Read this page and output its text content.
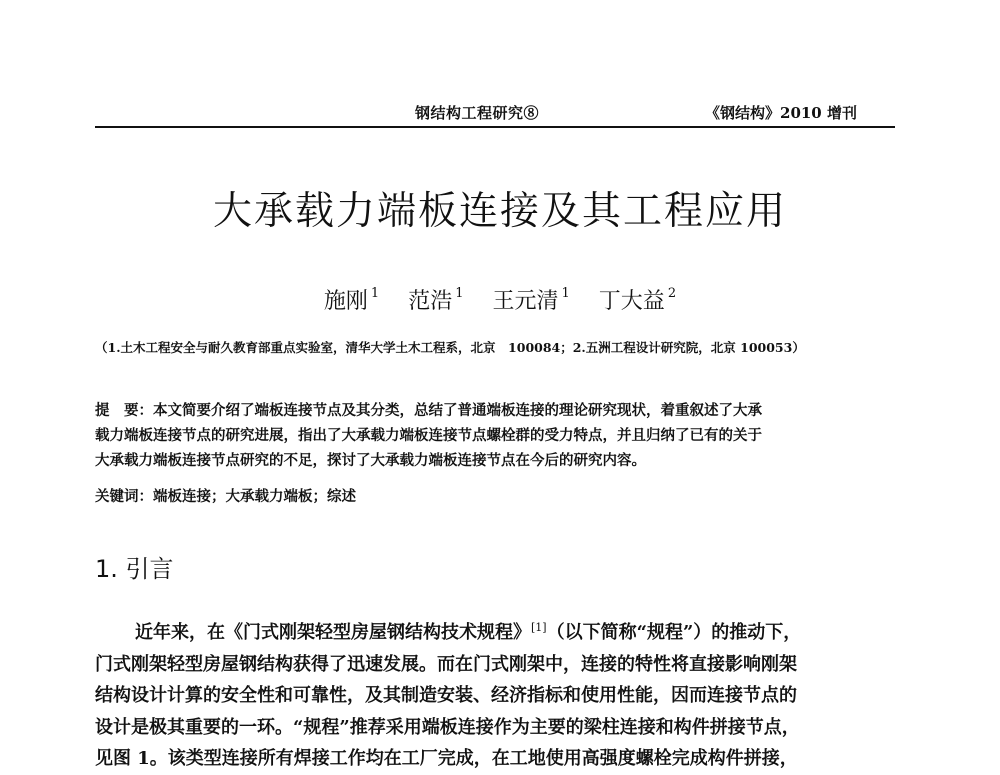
钢结构工程研究⑧	《钢结构》2010 增刊
大承载力端板连接及其工程应用
施刚 $^1$ 范浩 $^1$ 王元清 $^1$ 丁大益 $^2$
（1.土木工程安全与耐久教育部重点实验室，清华大学土木工程系，北京　100084；2.五洲工程设计研究院，北京 100053）
提　要：本文简要介绍了端板连接节点及其分类，总结了普通端板连接的理论研究现状，着重叙述了大承
载力端板连接节点的研究进展，指出了大承载力端板连接节点螺栓群的受力特点，并且归纳了已有的关于
大承载力端板连接节点研究的不足，探讨了大承载力端板连接节点在今后的研究内容。
关键词：端板连接；大承载力端板；综述
1. 引言
近年来，在《门式刚架轻型房屋钢结构技术规程》[1]（以下简称“规程”）的推动下，
门式刚架轻型房屋钢结构获得了迅速发展。而在门式刚架中，连接的特性将直接影响刚架
结构设计计算的安全性和可靠性，及其制造安装、经济指标和使用性能，因而连接节点的
设计是极其重要的一环。“规程”推荐采用端板连接作为主要的梁柱连接和构件拼接节点，
见图 1。该类型连接所有焊接工作均在工厂完成，在工地使用高强度螺栓完成构件拼接，
